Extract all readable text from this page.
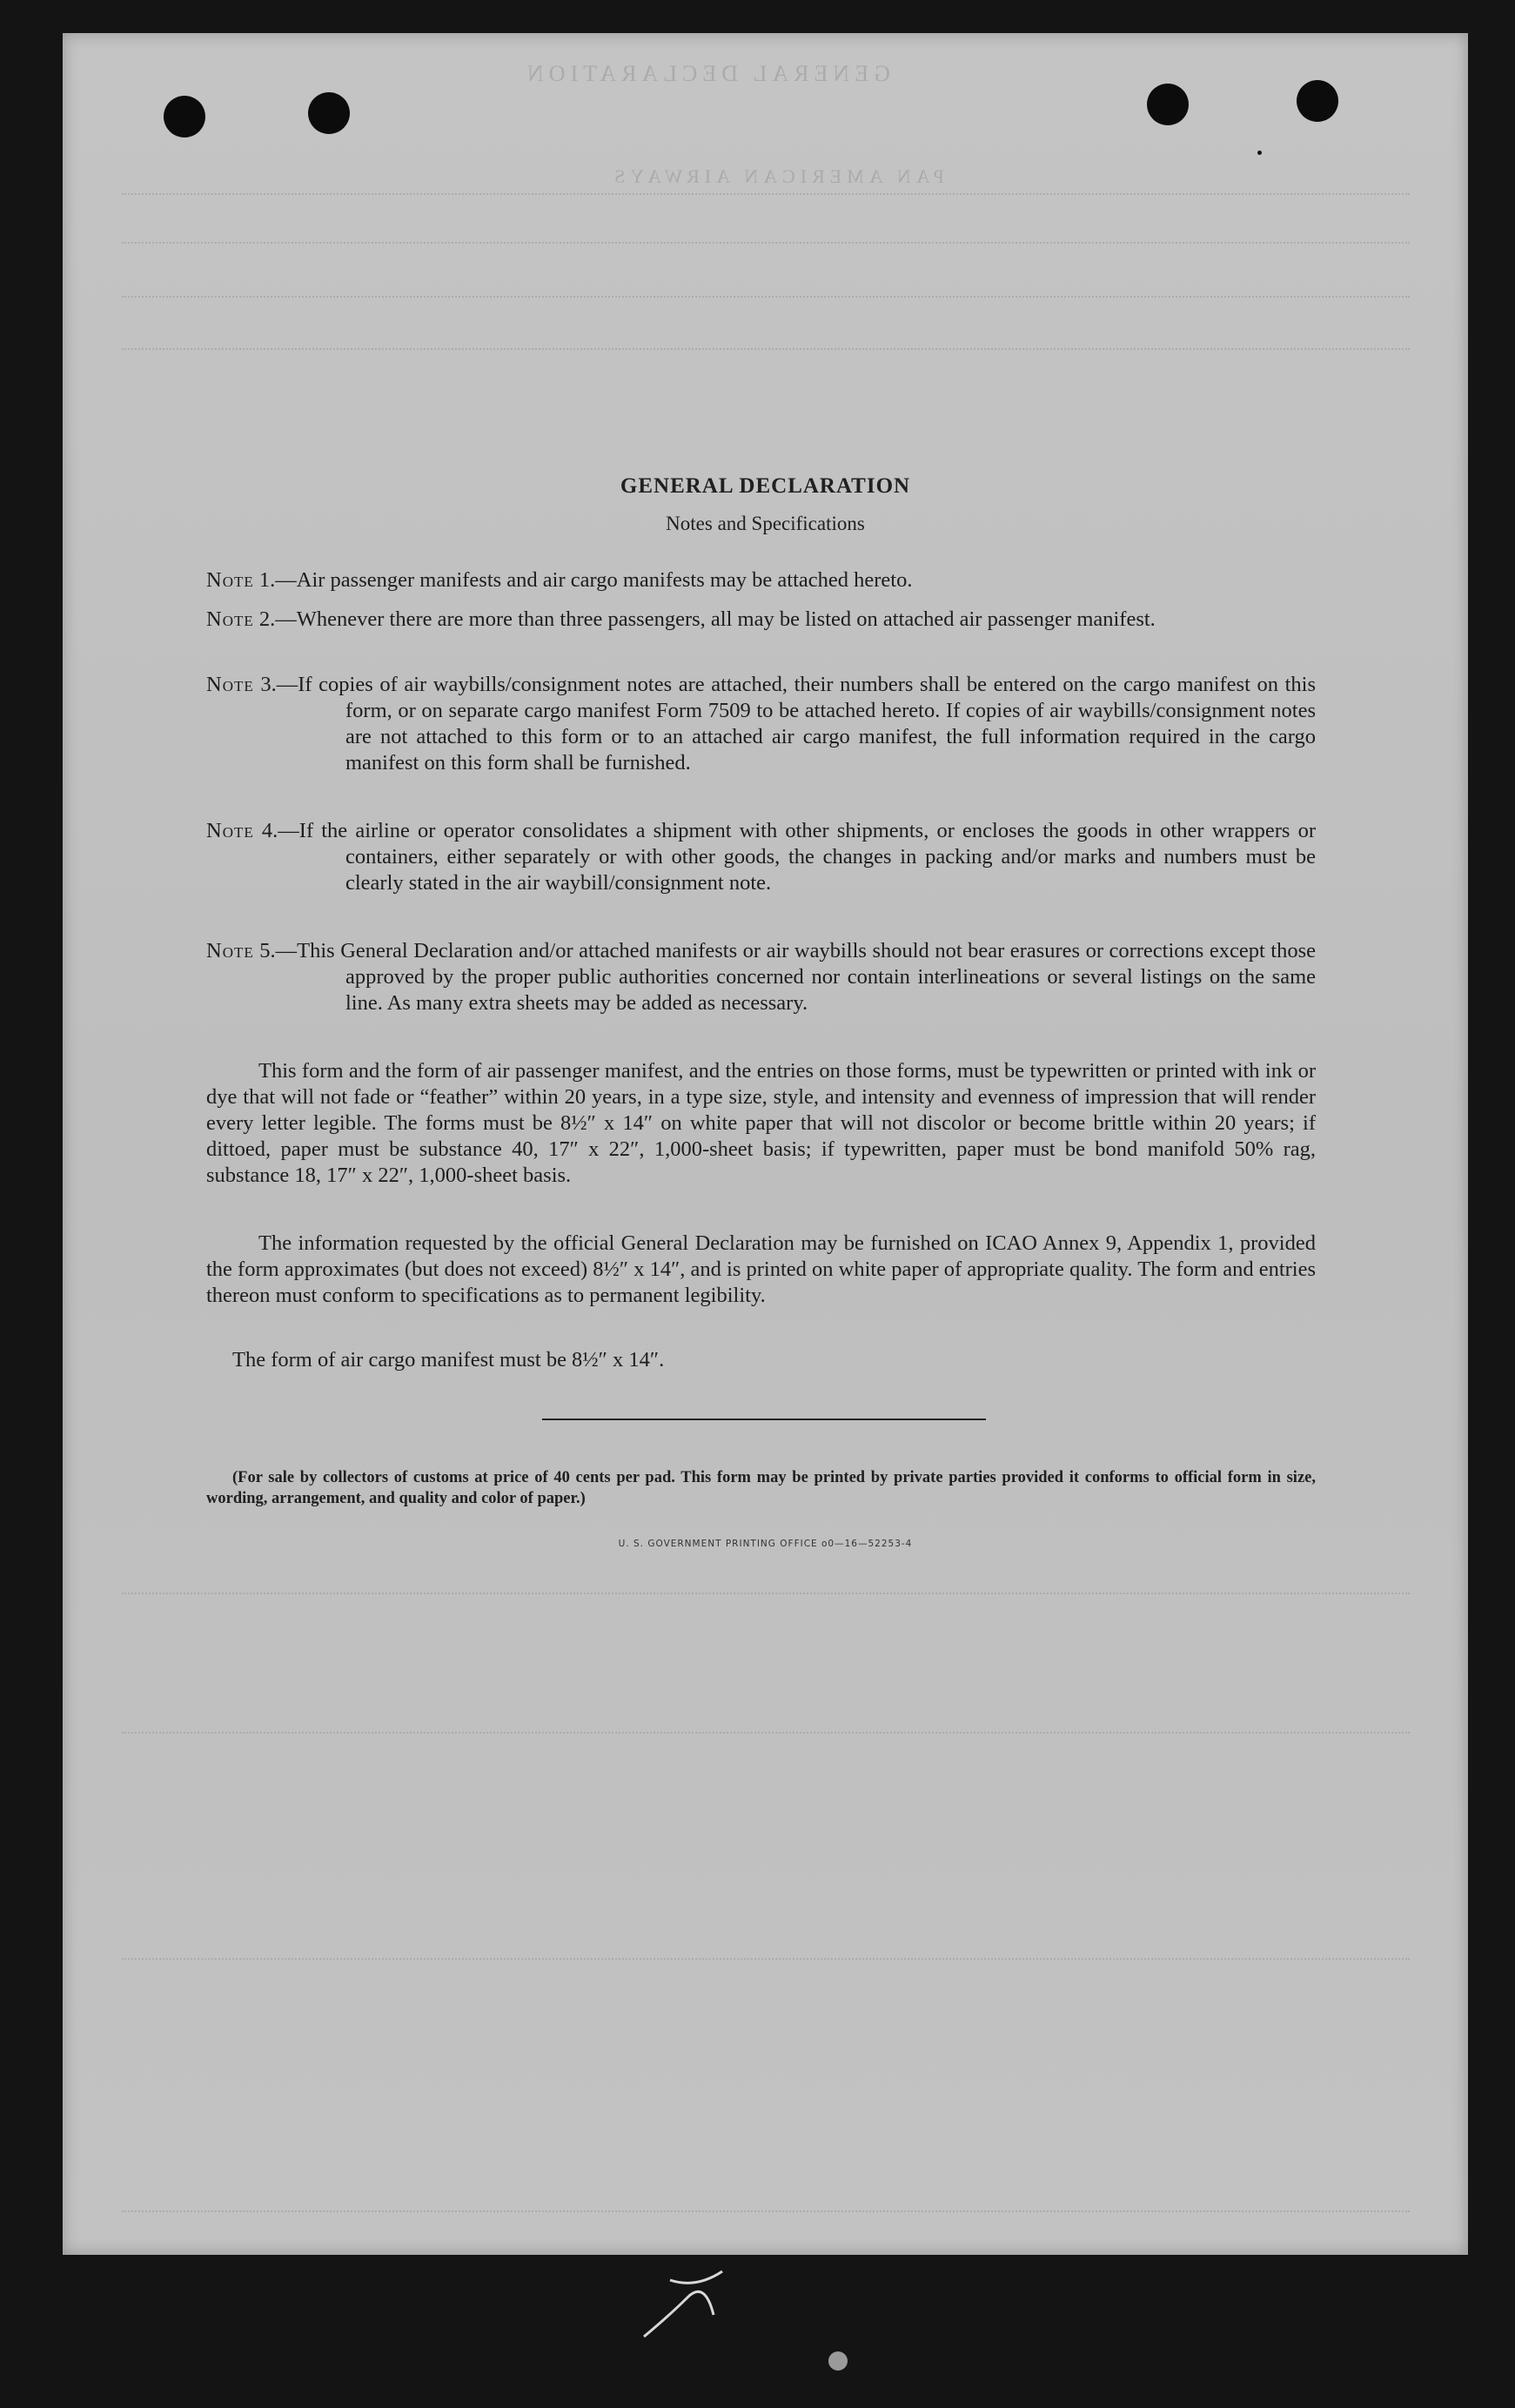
GENERAL DECLARATION
PAN AMERICAN AIRWAYS
GENERAL DECLARATION
Notes and Specifications
Note 1.—Air passenger manifests and air cargo manifests may be attached hereto.
Note 2.—Whenever there are more than three passengers, all may be listed on attached air passenger manifest.
Note 3.—If copies of air waybills/consignment notes are attached, their numbers shall be entered on the cargo manifest on this form, or on separate cargo manifest Form 7509 to be attached hereto. If copies of air waybills/consignment notes are not attached to this form or to an attached air cargo manifest, the full information required in the cargo manifest on this form shall be furnished.
Note 4.—If the airline or operator consolidates a shipment with other shipments, or encloses the goods in other wrappers or containers, either separately or with other goods, the changes in packing and/or marks and numbers must be clearly stated in the air waybill/consignment note.
Note 5.—This General Declaration and/or attached manifests or air waybills should not bear erasures or corrections except those approved by the proper public authorities concerned nor contain interlineations or several listings on the same line. As many extra sheets may be added as necessary.
This form and the form of air passenger manifest, and the entries on those forms, must be typewritten or printed with ink or dye that will not fade or “feather” within 20 years, in a type size, style, and intensity and evenness of impression that will render every letter legible. The forms must be 8½″ x 14″ on white paper that will not discolor or become brittle within 20 years; if dittoed, paper must be substance 40, 17″ x 22″, 1,000-sheet basis; if typewritten, paper must be bond manifold 50% rag, substance 18, 17″ x 22″, 1,000-sheet basis.
The information requested by the official General Declaration may be furnished on ICAO Annex 9, Appendix 1, provided the form approximates (but does not exceed) 8½″ x 14″, and is printed on white paper of appropriate quality. The form and entries thereon must conform to specifications as to permanent legibility.
The form of air cargo manifest must be 8½″ x 14″.
(For sale by collectors of customs at price of 40 cents per pad. This form may be printed by private parties provided it conforms to official form in size, wording, arrangement, and quality and color of paper.)
U. S. GOVERNMENT PRINTING OFFICE o0—16—52253-4
